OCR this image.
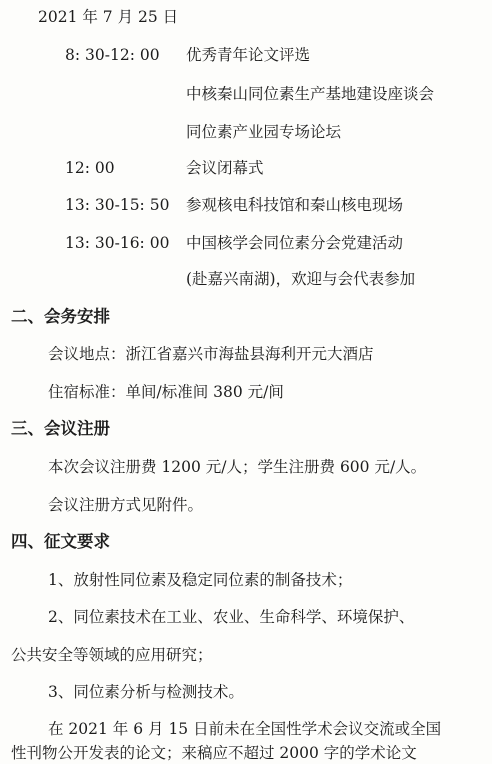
2021 年 7 月 25 日
8: 30-12: 00 优秀青年论文评选
中核秦山同位素生产基地建设座谈会
同位素产业园专场论坛
12: 00	会议闭幕式
13: 30-15: 50 参观核电科技馆和秦山核电现场
13: 30-16: 00 中国核学会同位素分会党建活动
(赴嘉兴南湖)，欢迎与会代表参加
二、会务安排
会议地点：浙江省嘉兴市海盐县海利开元大酒店
住宿标准：单间/标准间 380 元/间
三、会议注册
本次会议注册费 1200 元/人；学生注册费 600 元/人。
会议注册方式见附件。
四、征文要求
1、放射性同位素及稳定同位素的制备技术；
2、同位素技术在工业、农业、生命科学、环境保护、
公共安全等领域的应用研究；
3、同位素分析与检测技术。
在 2021 年 6 月 15 日前未在全国性学术会议交流或全国
性刊物公开发表的论文；来稿应不超过 2000 字的学术论文
